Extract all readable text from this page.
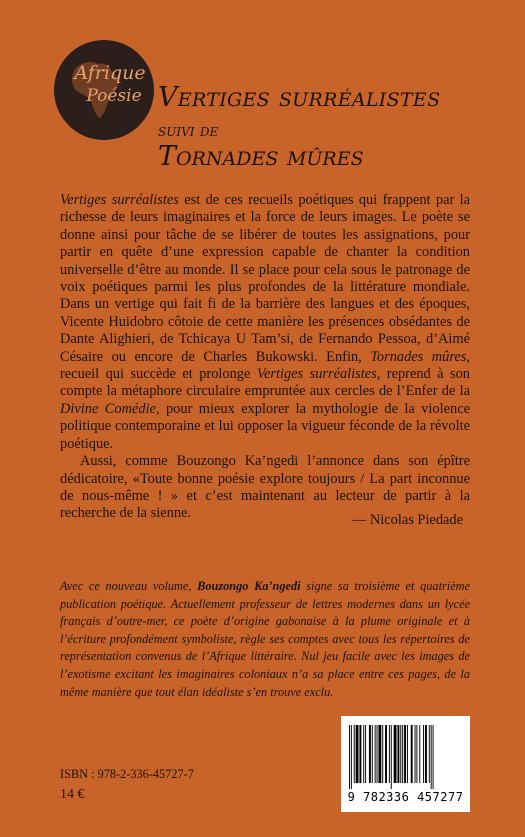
Afrique
Poésie Vertiges surréalistes
suivi de
Tornades mûres

Vertiges surréalistes est de ces recueils poétiques qui frappent par la richesse de leurs imaginaires et la force de leurs images. Le poète se donne ainsi pour tâche de se libérer de toutes les assignations, pour partir en quête d’une expression capable de chanter la condition universelle d’être au monde. Il se place pour cela sous le patronage de voix poétiques parmi les plus profondes de la littérature mondiale. Dans un vertige qui fait fi de la barrière des langues et des époques, Vicente Huidobro côtoie de cette manière les présences obsédantes de Dante Alighieri, de Tchicaya U Tam’si, de Fernando Pessoa, d’Aimé Césaire ou encore de Charles Bukowski. Enfin, Tornades mûres, recueil qui succède et prolonge Vertiges surréalistes, reprend à son compte la métaphore circulaire empruntée aux cercles de l’Enfer de la Divine Comédie, pour mieux explorer la mythologie de la violence politique contemporaine et lui opposer la vigueur féconde de la révolte poétique.

Aussi, comme Bouzongo Ka’ngedi l’annonce dans son épître dédicatoire, «Toute bonne poésie explore toujours / La part inconnue de nous-même ! » et c’est maintenant au lecteur de partir à la recherche de la sienne.	— Nicolas Piedade
Avec ce nouveau volume, Bouzongo Ka’ngedi signe sa troisième et quatrième publication poétique. Actuellement professeur de lettres modernes dans un lycée français d’outre-mer, ce poète d’origine gabonaise à la plume originale et à l’écriture profondément symboliste, règle ses comptes avec tous les répertoires de représentation convenus de l’Afrique littéraire. Nul jeu facile avec les images de l’exotisme excitant les imaginaires coloniaux n’a sa place entre ces pages, de la même manière que tout élan idéaliste s’en trouve exclu.
ISBN : 978-2-336-45727-7
14 €	9 782336 457277
